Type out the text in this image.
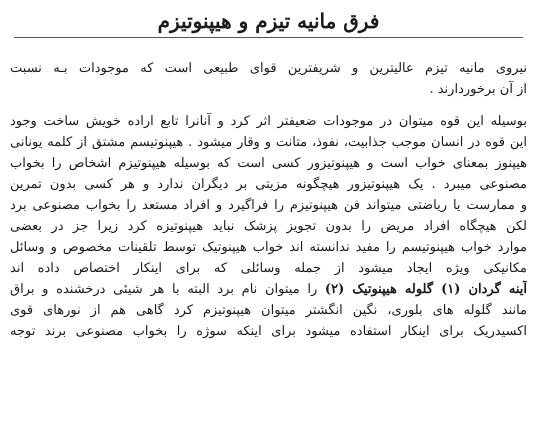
فرق مانیه تیزم و هیپنوتیزم
نیروی مانیه تیزم عالیترین و شریفترین قوای طبیعی است که موجودات بـه نسبت
از آن برخوردارند .
بوسیله این قوه میتوان در موجودات ضعیفتر اثر کرد و آنانرا تابع اراده خویش ساخت وجود
این قوه در انسان موجب جذابیت، نفوذ، متانت و وقار میشود . هیپنوتیسم مشتق از کلمه یونانی
هیپنوز بمعنای خواب است و هیپنوتیزور کسی است که بوسیله هیپنوتیزم اشخاص را بخواب
مصنوعی میبرد . یک هیپنوتیزور هیچگونه مزیتی بر دیگران ندارد و هر کسی بدون تمرین
و ممارست یا ریاضتی میتواند فن هیپنوتیزم را فراگیرد و افراد مستعد را بخواب مصنوعی برد
لکن هیچگاه افراد مریض را بدون تجویز پزشک نباید هیپنوتیزه کرد زیرا جز در بعضی
موارد خواب هیپنوتیسم را مفید ندانسته اند خواب هیپنوتیک توسط تلقینات مخصوص و وسائل
مکانیکی ویژه ایجاد میشود از جمله وسائلی که برای اینکار اختصاص داده اند
آینه گردان (۱) گلوله هیپنوتیک (۲) را میتوان نام برد البته با هر شیئی درخشنده و براق
مانند گلوله های بلوری، نگین انگشتر میتوان هیپنوتیزم کرد گاهی هم از نورهای قوی
اکسیدریک برای اینکار استفاده میشود برای اینکه سوژه را بخواب مصنوعی برند توجه
